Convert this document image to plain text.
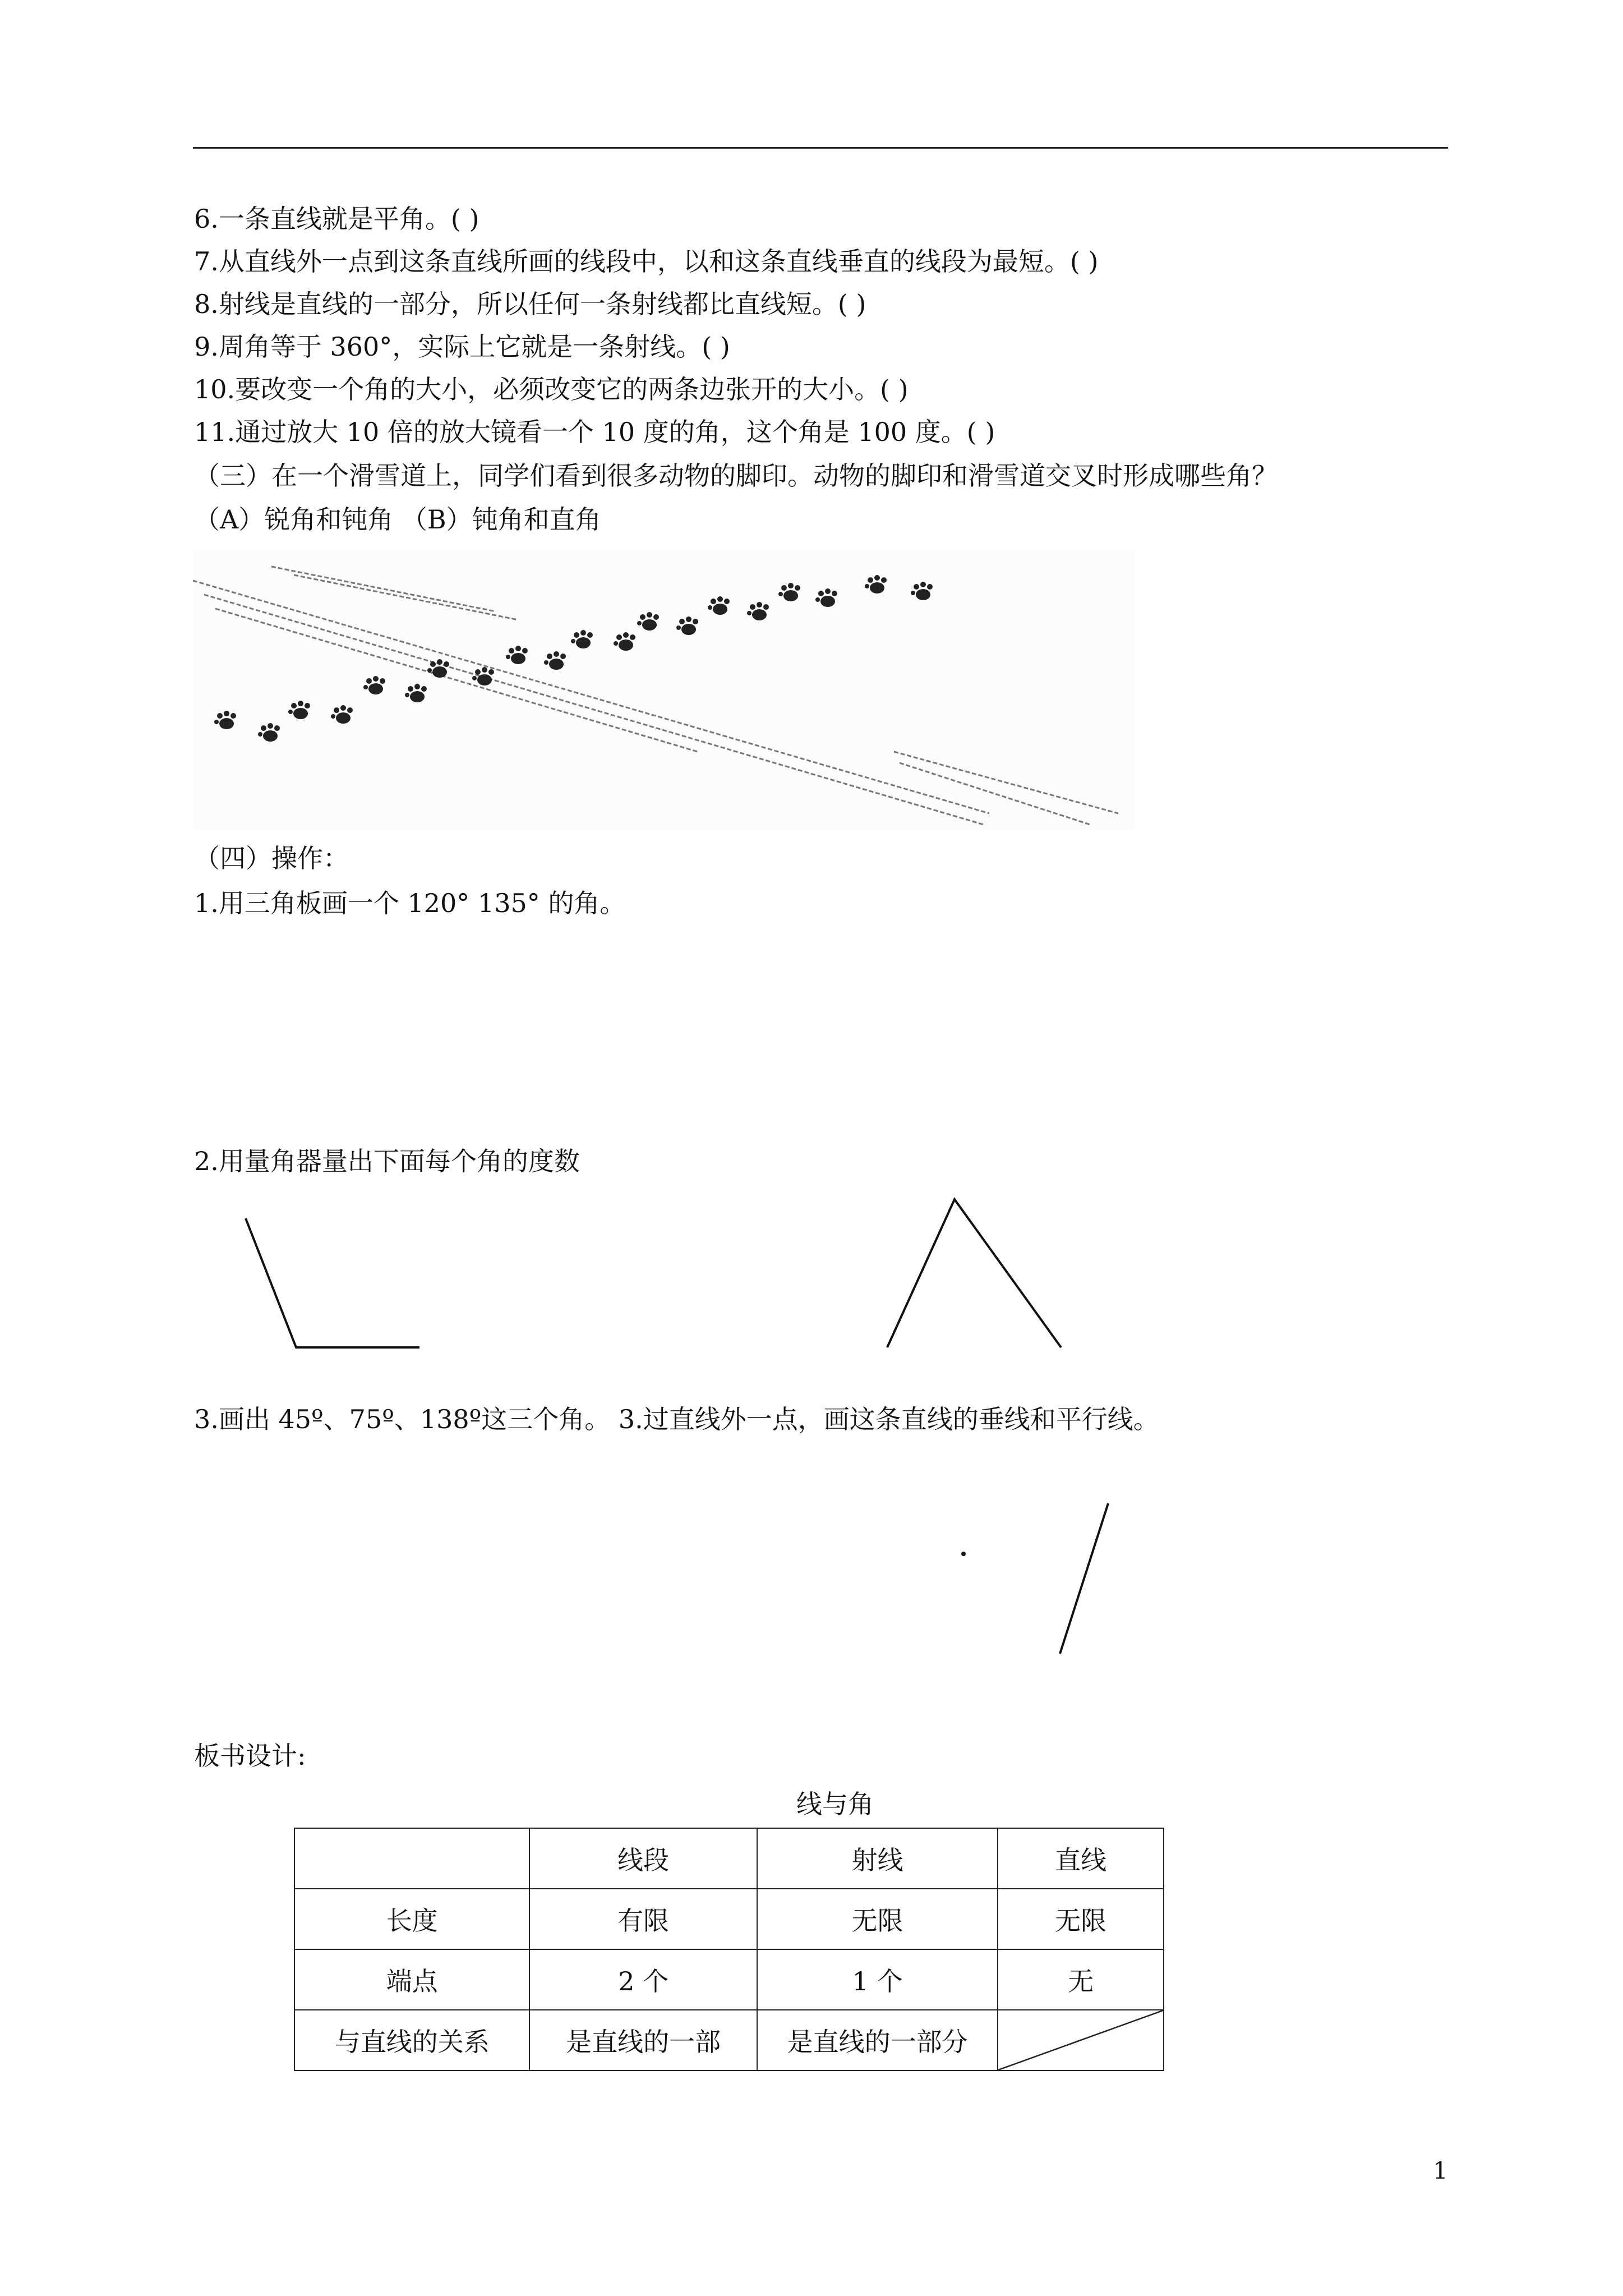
6.一条直线就是平角。( )
7.从直线外一点到这条直线所画的线段中，以和这条直线垂直的线段为最短。( )
8.射线是直线的一部分，所以任何一条射线都比直线短。( )
9.周角等于 360°，实际上它就是一条射线。( )
10.要改变一个角的大小，必须改变它的两条边张开的大小。( )
11.通过放大 10 倍的放大镜看一个 10 度的角，这个角是 100 度。( )
（三）在一个滑雪道上，同学们看到很多动物的脚印。动物的脚印和滑雪道交叉时形成哪些角？
（A）锐角和钝角 （B）钝角和直角
（四）操作：
1.用三角板画一个 120° 135° 的角。
2.用量角器量出下面每个角的度数
3.画出 45º、75º、138º这三个角。 3.过直线外一点，画这条直线的垂线和平行线。
板书设计:
线与角
	线段	射线	直线
长度	有限	无限	无限
端点	2 个	1 个	无
与直线的关系	是直线的一部	是直线的一部分	
1
